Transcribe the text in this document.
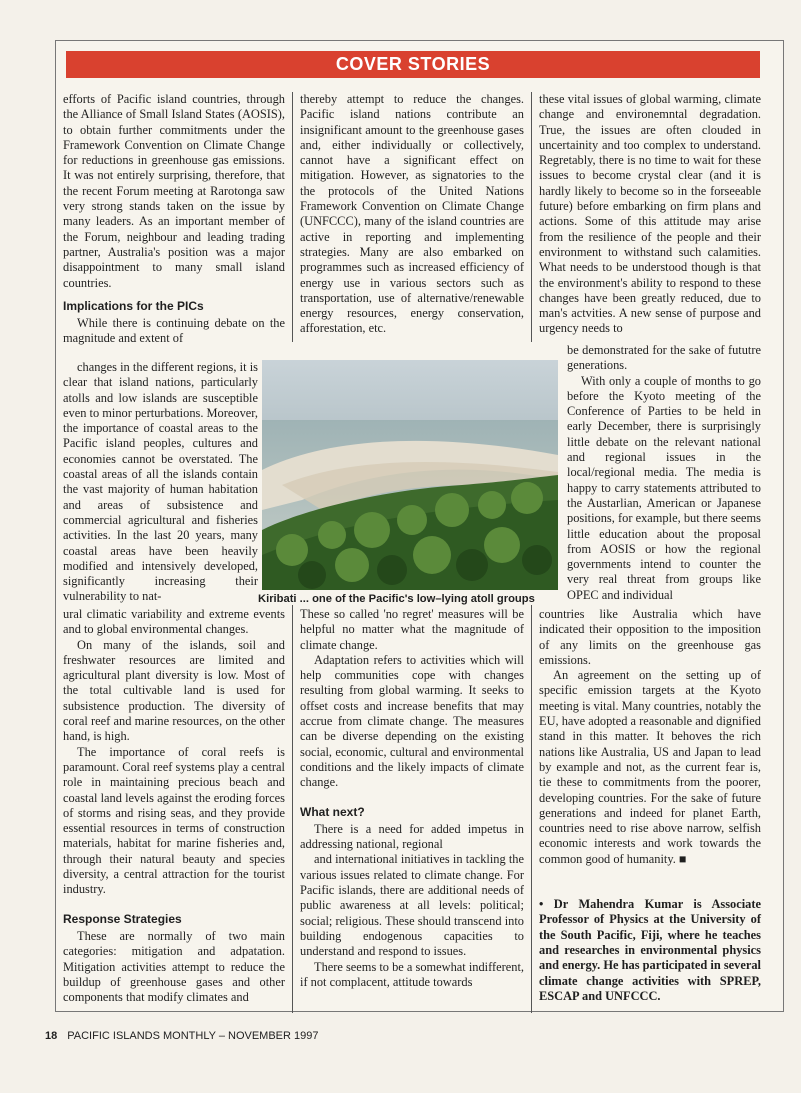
COVER STORIES

efforts of Pacific island countries, through the Alliance of Small Island States (AOSIS), to obtain further commitments under the Framework Convention on Climate Change for reductions in greenhouse gas emissions. It was not entirely surprising, therefore, that the recent Forum meeting at Rarotonga saw very strong stands taken on the issue by many leaders. As an important member of the Forum, neighbour and leading trading partner, Australia's position was a major disappointment to many small island countries.

Implications for the PICs

While there is continuing debate on the magnitude and extent of

changes in the different regions, it is clear that island nations, particularly atolls and low islands are susceptible even to minor perturbations. Moreover, the importance of coastal areas to the Pacific island peoples, cultures and economies cannot be overstated. The coastal areas of all the islands contain the vast majority of human habitation and areas of subsistence and commercial agricultural and fisheries activities. In the last 20 years, many coastal areas have been heavily modified and intensively developed, significantly increasing their vulnerability to nat-

ural climatic variability and extreme events and to global environmental changes.

On many of the islands, soil and freshwater resources are limited and agricultural plant diversity is low. Most of the total cultivable land is used for subsistence production. The diversity of coral reef and marine resources, on the other hand, is high.

The importance of coral reefs is paramount. Coral reef systems play a central role in maintaining precious beach and coastal land levels against the eroding forces of storms and rising seas, and they provide essential resources in terms of construction materials, habitat for marine fisheries and, through their natural beauty and species diversity, a central attraction for the tourist industry.

Response Strategies

These are normally of two main categories: mitigation and adpatation. Mitigation activities attempt to reduce the buildup of greenhouse gases and other components that modify climates and

thereby attempt to reduce the changes. Pacific island nations contribute an insignificant amount to the greenhouse gases and, either individually or collectively, cannot have a significant effect on mitigation. However, as signatories to the the protocols of the United Nations Framework Convention on Climate Change (UNFCCC), many of the island countries are active in reporting and implementing strategies. Many are also embarked on programmes such as increased efficiency of energy use in various sectors such as transportation, use of alternative/renewable energy resources, energy conservation, afforestation, etc.

These so called 'no regret' measures will be helpful no matter what the magnitude of climate change.

Adaptation refers to activities which will help communities cope with changes resulting from global warming. It seeks to offset costs and increase benefits that may accrue from climate change. The measures can be diverse depending on the existing social, economic, cultural and environmental conditions and the likely impacts of climate change.

What next?

There is a need for added impetus in addressing national, regional

and international initiatives in tackling the various issues related to climate change. For Pacific islands, there are additional needs of public awareness at all levels: political; social; religious. These should transcend into building endogenous capacities to understand and respond to issues.

There seems to be a somewhat indifferent, if not complacent, attitude towards

these vital issues of global warming, climate change and environemntal degradation. True, the issues are often clouded in uncertainity and too complex to understand. Regretably, there is no time to wait for these issues to become crystal clear (and it is hardly likely to become so in the forseeable future) before embarking on firm plans and actions. Some of this attitude may arise from the resilience of the people and their environment to withstand such calamities. What needs to be understood though is that the environment's ability to respond to these changes have been greatly reduced, due to man's actvities. A new sense of purpose and urgency needs to

be demonstrated for the sake of fututre generations.

With only a couple of months to go before the Kyoto meeting of the Conference of Parties to be held in early December, there is surprisingly little debate on the relevant national and regional issues in the local/regional media. The media is happy to carry statements attributed to the Austarlian, American or Japanese positions, for example, but there seems little education about the proposal from AOSIS or how the regional governments intend to counter the very real threat from groups like OPEC and individual

countries like Australia which have indicated their opposition to the imposition of any limits on the greenhouse gas emissions.

An agreement on the setting up of specific emission targets at the Kyoto meeting is vital. Many countries, notably the EU, have adopted a reasonable and dignified stand in this matter. It behoves the rich nations like Australia, US and Japan to lead by example and not, as the current fear is, tie these to commitments from the poorer, developing countries. For the sake of future generations and indeed for planet Earth, countries need to rise above narrow, selfish economic interests and work towards the common good of humanity. ■

• Dr Mahendra Kumar is Associate Professor of Physics at the University of the South Pacific, Fiji, where he teaches and researches in environmental physics and energy. He has participated in several climate change activities with SPREP, ESCAP and UNFCCC.

Kiribati ... one of the Pacific's low–lying atoll groups
18 PACIFIC ISLANDS MONTHLY – NOVEMBER 1997
